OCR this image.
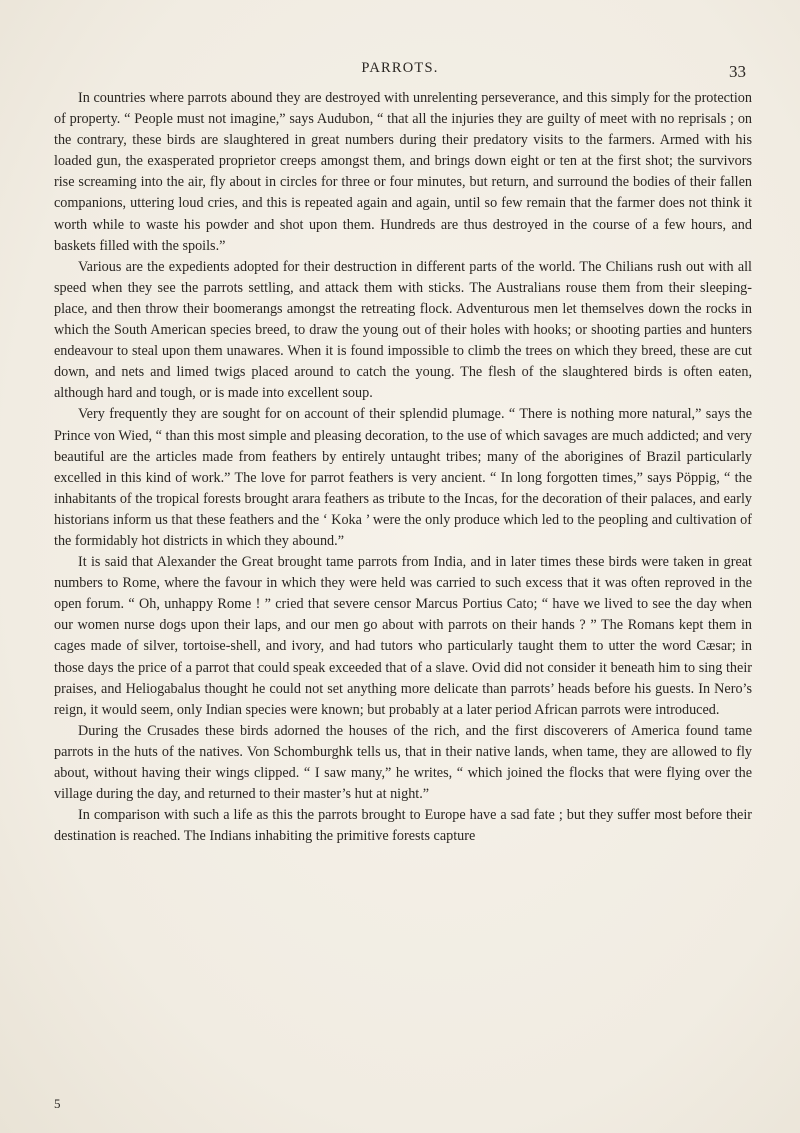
PARROTS.	33

In countries where parrots abound they are destroyed with unrelenting perseverance, and this simply for the protection of property. “ People must not imagine,” says Audubon, “ that all the injuries they are guilty of meet with no reprisals ; on the contrary, these birds are slaughtered in great numbers during their predatory visits to the farmers. Armed with his loaded gun, the exasperated proprietor creeps amongst them, and brings down eight or ten at the first shot; the survivors rise screaming into the air, fly about in circles for three or four minutes, but return, and surround the bodies of their fallen companions, uttering loud cries, and this is repeated again and again, until so few remain that the farmer does not think it worth while to waste his powder and shot upon them. Hundreds are thus destroyed in the course of a few hours, and baskets filled with the spoils.”

Various are the expedients adopted for their destruction in different parts of the world. The Chilians rush out with all speed when they see the parrots settling, and attack them with sticks. The Australians rouse them from their sleeping-place, and then throw their boomerangs amongst the retreating flock. Adventurous men let themselves down the rocks in which the South American species breed, to draw the young out of their holes with hooks; or shooting parties and hunters endeavour to steal upon them unawares. When it is found impossible to climb the trees on which they breed, these are cut down, and nets and limed twigs placed around to catch the young. The flesh of the slaughtered birds is often eaten, although hard and tough, or is made into excellent soup.

Very frequently they are sought for on account of their splendid plumage. “ There is nothing more natural,” says the Prince von Wied, “ than this most simple and pleasing decoration, to the use of which savages are much addicted; and very beautiful are the articles made from feathers by entirely untaught tribes; many of the aborigines of Brazil particularly excelled in this kind of work.” The love for parrot feathers is very ancient. “ In long forgotten times,” says Pöppig, “ the inhabitants of the tropical forests brought arara feathers as tribute to the Incas, for the decoration of their palaces, and early historians inform us that these feathers and the ‘ Koka ’ were the only produce which led to the peopling and cultivation of the formidably hot districts in which they abound.”

It is said that Alexander the Great brought tame parrots from India, and in later times these birds were taken in great numbers to Rome, where the favour in which they were held was carried to such excess that it was often reproved in the open forum. “ Oh, unhappy Rome ! ” cried that severe censor Marcus Portius Cato; “ have we lived to see the day when our women nurse dogs upon their laps, and our men go about with parrots on their hands ? ” The Romans kept them in cages made of silver, tortoise-shell, and ivory, and had tutors who particularly taught them to utter the word Cæsar; in those days the price of a parrot that could speak exceeded that of a slave. Ovid did not consider it beneath him to sing their praises, and Heliogabalus thought he could not set anything more delicate than parrots’ heads before his guests. In Nero’s reign, it would seem, only Indian species were known; but probably at a later period African parrots were introduced.

During the Crusades these birds adorned the houses of the rich, and the first discoverers of America found tame parrots in the huts of the natives. Von Schomburghk tells us, that in their native lands, when tame, they are allowed to fly about, without having their wings clipped. “ I saw many,” he writes, “ which joined the flocks that were flying over the village during the day, and returned to their master’s hut at night.”

In comparison with such a life as this the parrots brought to Europe have a sad fate ; but they suffer most before their destination is reached. The Indians inhabiting the primitive forests capture

5
